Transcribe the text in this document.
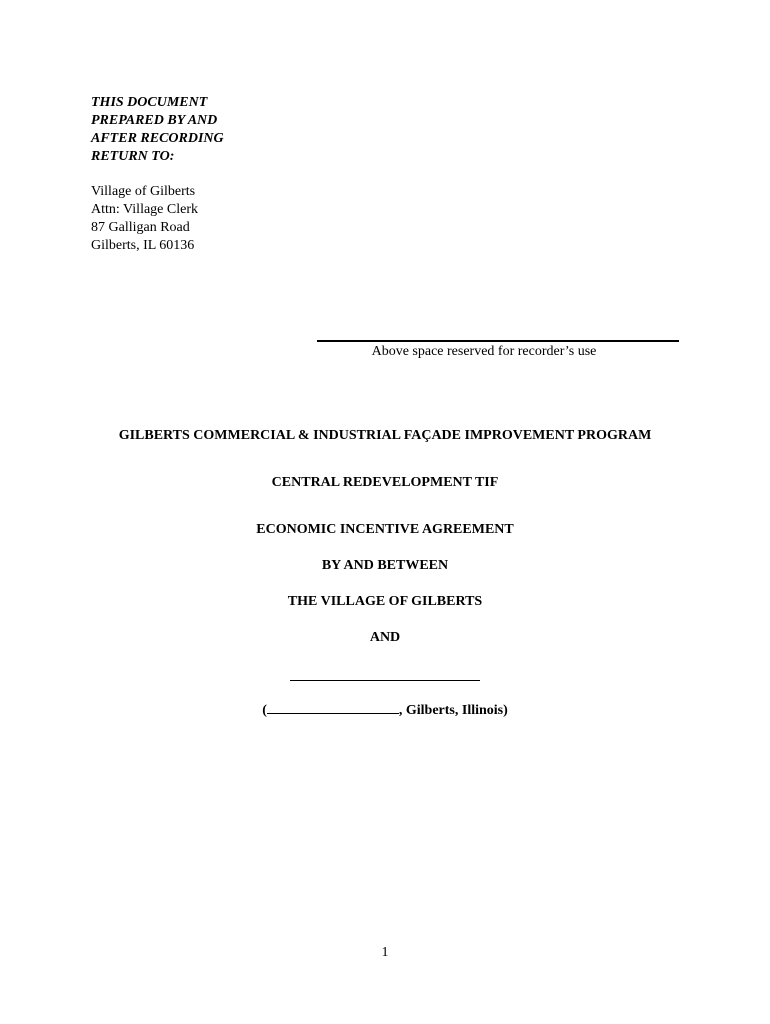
THIS DOCUMENT
PREPARED BY AND
AFTER RECORDING
RETURN TO:
Village of Gilberts
Attn: Village Clerk
87 Galligan Road
Gilberts, IL 60136
Above space reserved for recorder’s use
GILBERTS COMMERCIAL & INDUSTRIAL FAÇADE IMPROVEMENT PROGRAM
CENTRAL REDEVELOPMENT TIF
ECONOMIC INCENTIVE AGREEMENT
BY AND BETWEEN
THE VILLAGE OF GILBERTS
AND
(	, Gilberts, Illinois)
1
